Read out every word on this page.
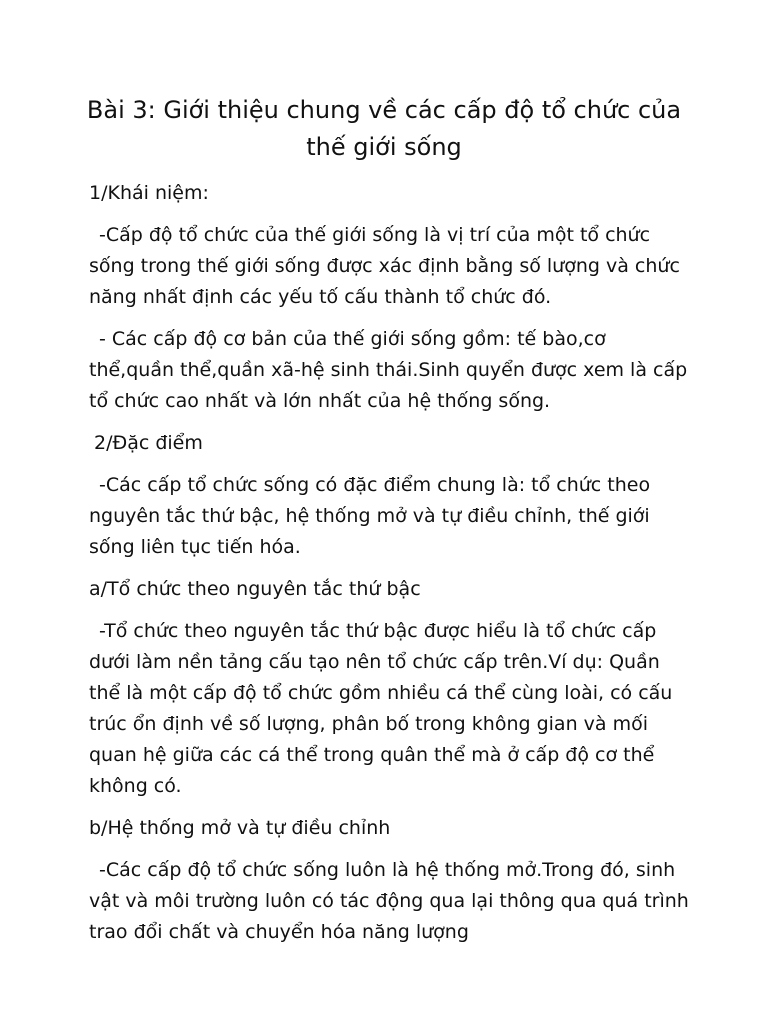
Bài 3: Giới thiệu chung về các cấp độ tổ chức của
thế giới sống

1/Khái niệm:

-Cấp độ tổ chức của thế giới sống là vị trí của một tổ chức sống trong thế giới sống được xác định bằng số lượng và chức năng nhất định các yếu tố cấu thành tổ chức đó.

- Các cấp độ cơ bản của thế giới sống gồm: tế bào,cơ thể,quần thể,quần xã-hệ sinh thái.Sinh quyển được xem là cấp tổ chức cao nhất và lớn nhất của hệ thống sống.

2/Đặc điểm

-Các cấp tổ chức sống có đặc điểm chung là: tổ chức theo nguyên tắc thứ bậc, hệ thống mở và tự điều chỉnh, thế giới sống liên tục tiến hóa.

a/Tổ chức theo nguyên tắc thứ bậc

-Tổ chức theo nguyên tắc thứ bậc được hiểu là tổ chức cấp dưới làm nền tảng cấu tạo nên tổ chức cấp trên.Ví dụ: Quần thể là một cấp độ tổ chức gồm nhiều cá thể cùng loài, có cấu trúc ổn định về số lượng, phân bố trong không gian và mối quan hệ giữa các cá thể trong quân thể mà ở cấp độ cơ thể không có.

b/Hệ thống mở và tự điều chỉnh

-Các cấp độ tổ chức sống luôn là hệ thống mở.Trong đó, sinh vật và môi trường luôn có tác động qua lại thông qua quá trình trao đổi chất và chuyển hóa năng lượng
